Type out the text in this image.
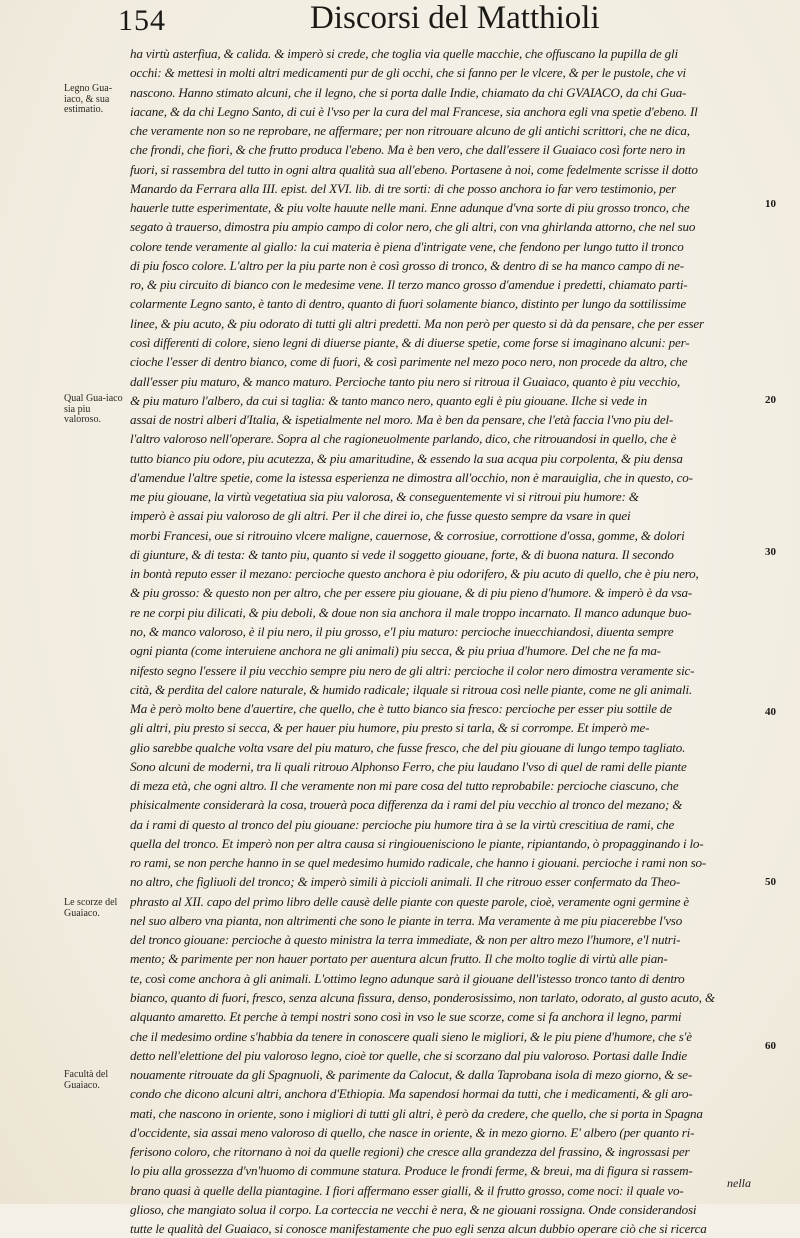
154	Discorsi del Matthioli
Legno Gua-iaco, & sua estimatio.
Qual Gua-iaco sia piu valoroso.
Le scorze del Guaiaco.
Facultà del Guaiaco.
10
20
30
40
50
60
ha virtù asterfiua, & calida. & imperò si crede, che toglia via quelle macchie, che offuscano la pupilla de gli
occhi: & mettesi in molti altri medicamenti pur de gli occhi, che si fanno per le vlcere, & per le pustole, che vi
nascono. Hanno stimato alcuni, che il legno, che si porta dalle Indie, chiamato da chi GVAIACO, da chi Gua-
iacane, & da chi Legno Santo, di cui è l'vso per la cura del mal Francese, sia anchora egli vna spetie d'ebeno. Il
che veramente non so ne reprobare, ne affermare; per non ritrouare alcuno de gli antichi scrittori, che ne dica,
che frondi, che fiori, & che frutto produca l'ebeno. Ma è ben vero, che dall'essere il Guaiaco così forte nero in
fuori, si rassembra del tutto in ogni altra qualità sua all'ebeno. Portasene à noi, come fedelmente scrisse il dotto
Manardo da Ferrara alla III. epist. del XVI. lib. di tre sorti: di che posso anchora io far vero testimonio, per
hauerle tutte esperimentate, & piu volte hauute nelle mani. Enne adunque d'vna sorte di piu grosso tronco, che
segato à trauerso, dimostra piu ampio campo di color nero, che gli altri, con vna ghirlanda attorno, che nel suo
colore tende veramente al giallo: la cui materia è piena d'intrigate vene, che fendono per lungo tutto il tronco
di piu fosco colore. L'altro per la piu parte non è così grosso di tronco, & dentro di se ha manco campo di ne-
ro, & piu circuito di bianco con le medesime vene. Il terzo manco grosso d'amendue i predetti, chiamato parti-
colarmente Legno santo, è tanto di dentro, quanto di fuori solamente bianco, distinto per lungo da sottilissime
linee, & piu acuto, & piu odorato di tutti gli altri predetti. Ma non però per questo si dà da pensare, che per esser
così differenti di colore, sieno legni di diuerse piante, & di diuerse spetie, come forse si imaginano alcuni: per-
cioche l'esser di dentro bianco, come di fuori, & così parimente nel mezo poco nero, non procede da altro, che
dall'esser piu maturo, & manco maturo. Percioche tanto piu nero si ritroua il Guaiaco, quanto è piu vecchio,
& piu maturo l'albero, da cui si taglia: & tanto manco nero, quanto egli è piu giouane. Ilche si vede in
assai de nostri alberi d'Italia, & ispetialmente nel moro. Ma è ben da pensare, che l'età faccia l'vno piu del-
l'altro valoroso nell'operare. Sopra al che ragioneuolmente parlando, dico, che ritrouandosi in quello, che è
tutto bianco piu odore, piu acutezza, & piu amaritudine, & essendo la sua acqua piu corpolenta, & piu densa
d'amendue l'altre spetie, come la istessa esperienza ne dimostra all'occhio, non è marauiglia, che in questo, co-
me piu giouane, la virtù vegetatiua sia piu valorosa, & conseguentemente vi si ritroui piu humore: &
imperò è assai piu valoroso de gli altri. Per il che direi io, che fusse questo sempre da vsare in quei
morbi Francesi, oue si ritrouino vlcere maligne, cauernose, & corrosiue, corrottione d'ossa, gomme, & dolori
di giunture, & di testa: & tanto piu, quanto si vede il soggetto giouane, forte, & di buona natura. Il secondo
in bontà reputo esser il mezano: percioche questo anchora è piu odorifero, & piu acuto di quello, che è piu nero,
& piu grosso: & questo non per altro, che per essere piu giouane, & di piu pieno d'humore. & imperò è da vsa-
re ne corpi piu dilicati, & piu deboli, & doue non sia anchora il male troppo incarnato. Il manco adunque buo-
no, & manco valoroso, è il piu nero, il piu grosso, e'l piu maturo: percioche inuecchiandosi, diuenta sempre
ogni pianta (come interuiene anchora ne gli animali) piu secca, & piu priua d'humore. Del che ne fa ma-
nifesto segno l'essere il piu vecchio sempre piu nero de gli altri: percioche il color nero dimostra veramente sic-
cità, & perdita del calore naturale, & humido radicale; ilquale si ritroua così nelle piante, come ne gli animali.
Ma è però molto bene d'auertire, che quello, che è tutto bianco sia fresco: percioche per esser piu sottile de
gli altri, piu presto si secca, & per hauer piu humore, piu presto si tarla, & si corrompe. Et imperò me-
glio sarebbe qualche volta vsare del piu maturo, che fusse fresco, che del piu giouane di lungo tempo tagliato.
Sono alcuni de moderni, tra li quali ritrouo Alphonso Ferro, che piu laudano l'vso di quel de rami delle piante
di meza età, che ogni altro. Il che veramente non mi pare cosa del tutto reprobabile: percioche ciascuno, che
phisicalmente considerarà la cosa, trouerà poca differenza da i rami del piu vecchio al tronco del mezano; &
da i rami di questo al tronco del piu giouane: percioche piu humore tira à se la virtù crescitiua de rami, che
quella del tronco. Et imperò non per altra causa si ringiouenisciono le piante, ripiantando, ò propagginando i lo-
ro rami, se non perche hanno in se quel medesimo humido radicale, che hanno i giouani. percioche i rami non so-
no altro, che figliuoli del tronco; & imperò simili à piccioli animali. Il che ritrouo esser confermato da Theo-
phrasto al XII. capo del primo libro delle causè delle piante con queste parole, cioè, veramente ogni germine è
nel suo albero vna pianta, non altrimenti che sono le piante in terra. Ma veramente à me piu piacerebbe l'vso
del tronco giouane: percioche à questo ministra la terra immediate, & non per altro mezo l'humore, e'l nutri-
mento; & parimente per non hauer portato per auentura alcun frutto. Il che molto toglie di virtù alle pian-
te, così come anchora à gli animali. L'ottimo legno adunque sarà il giouane dell'istesso tronco tanto di dentro
bianco, quanto di fuori, fresco, senza alcuna fissura, denso, ponderosissimo, non tarlato, odorato, al gusto acuto, &
alquanto amaretto. Et perche à tempi nostri sono così in vso le sue scorze, come si fa anchora il legno, parmi
che il medesimo ordine s'habbia da tenere in conoscere quali sieno le migliori, & le piu piene d'humore, che s'è
detto nell'elettione del piu valoroso legno, cioè tor quelle, che si scorzano dal piu valoroso. Portasi dalle Indie
nouamente ritrouate da gli Spagnuoli, & parimente da Calocut, & dalla Taprobana isola di mezo giorno, & se-
condo che dicono alcuni altri, anchora d'Ethiopia. Ma sapendosi hormai da tutti, che i medicamenti, & gli aro-
mati, che nascono in oriente, sono i migliori di tutti gli altri, è però da credere, che quello, che si porta in Spagna
d'occidente, sia assai meno valoroso di quello, che nasce in oriente, & in mezo giorno. E' albero (per quanto ri-
ferisono coloro, che ritornano à noi da quelle regioni) che cresce alla grandezza del frassino, & ingrossasi per
lo piu alla grossezza d'vn'huomo di commune statura. Produce le frondi ferme, & breui, ma di figura si rassem-
brano quasi à quelle della piantagine. I fiori affermano esser gialli, & il frutto grosso, come noci: il quale vo-
glioso, che mangiato solua il corpo. La corteccia ne vecchi è nera, & ne giouani rossigna. Onde considerandosi
tutte le qualità del Guaiaco, si conosce manifestamente che puo egli senza alcun dubbio operare ciò che si ricerca
nella
